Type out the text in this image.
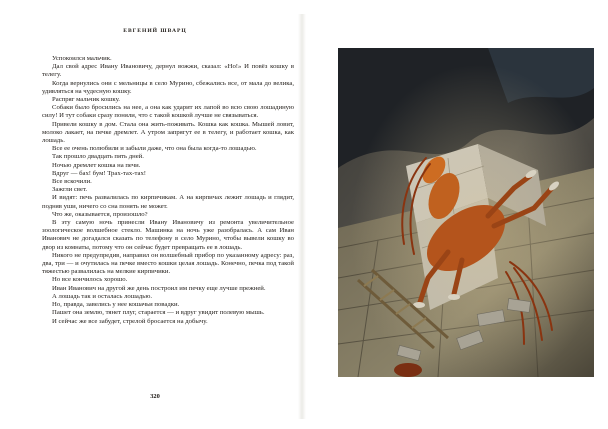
ЕВГЕНИЙ ШВАРЦ

Успокоился мальчик.

Дал свой адрес Ивану Ивановичу, дернул вожжи, сказал: «Но!» И повёз кошку в телегу.

Когда вернулись они с мельницы в село Мурино, сбежались все, от мала до велика, удивляться на чудесную кошку.

Распряг мальчик кошку.

Собаки было бросились на нее, а она как ударит их лапой во всю свою лошадиную силу! И тут собаки сразу поняли, что с такой кошкой лучше не связываться.

Привели кошку в дом. Стала она жить-поживать. Кошка как кошка. Мышей ловит, молоко лакает, на печке дремлет. А утром запрягут ее в телегу, и работает кошка, как лошадь.

Все ее очень полюбили и забыли даже, что она была когда-то лошадью.

Так прошло двадцать пять дней.

Ночью дремлет кошка на печи.

Вдруг — бах! бум! Трах-тах-тах!

Все вскочили.

Зажгли свет.

И видят: печь развалилась по кирпичикам. А на кирпичах лежит лошадь и глядит, подняв уши, ничего со сна понять не может.

Что же, оказывается, произошло?

В эту самую ночь принесли Ивану Ивановичу из ремонта увеличительное зоологическое волшебное стекло. Машинка на ночь уже разобралась. А сам Иван Иванович не догадался сказать по телефону в село Мурино, чтобы вывели кошку во двор из комнаты, потому что он сейчас будет превращать ее в лошадь.

Никого не предупредив, направил он волшебный прибор по указанному адресу: раз, два, три — и очутилась на печке вместо кошки целая лошадь. Конечно, печка под такой тяжестью развалилась на мелкие кирпичики.

Но все кончилось хорошо.

Иван Иванович на другой же день построил им печку еще лучше прежней.

А лошадь так и осталась лошадью.

Но, правда, завелись у нее кошачьи повадки.

Пашет она землю, тянет плуг, старается — и вдруг увидит полевую мышь.

И сейчас же все забудет, стрелой бросается на добычу.

320
